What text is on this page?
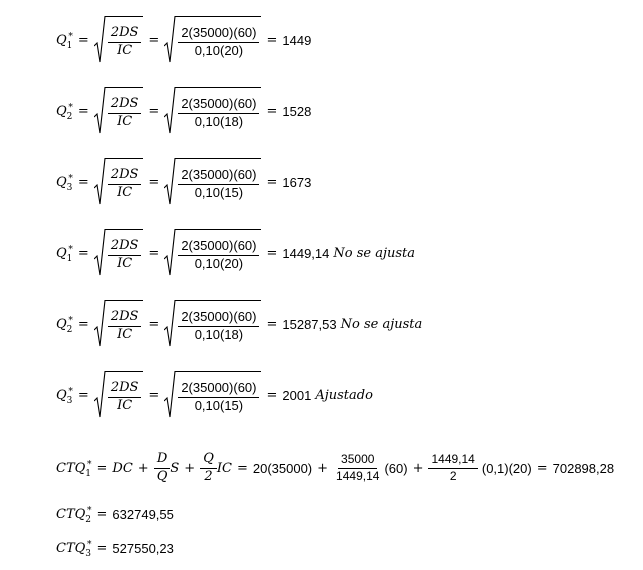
Q 1
* = $\frac{2DS}{IC} = \frac{2(35000)(60)}{0,10(20)} = 1449$
Q 2
* = $\frac{2DS}{IC} = \frac{2(35000)(60)}{0,10(18)} = 1528$
Q 3
* = $\frac{2DS}{IC} = \frac{2(35000)(60)}{0,10(15)} = 1673$
Q 1
* = $\frac{2DS}{IC} = \frac{2(35000)(60)}{0,10(20)} = 1449,14$ No se ajusta
Q 2
* = $\frac{2DS}{IC} = \frac{2(35000)(60)}{0,10(18)} = 15287,53$ No se ajusta
Q 3
* = $\frac{2DS}{IC} = \frac{2(35000)(60)}{0,10(15)} = 2001$ Ajustado
CTQ 1
* = DC + $\frac{D}{Q}$ $S + \frac{Q}{2}$ IC = $20(35000) + \frac{35000}{1449,14} (60) + \frac{1449,14}{2} (0,1)(20) = 702898,28$
CTQ 2
* = 632749,55
CTQ 3
* = 527550,23
